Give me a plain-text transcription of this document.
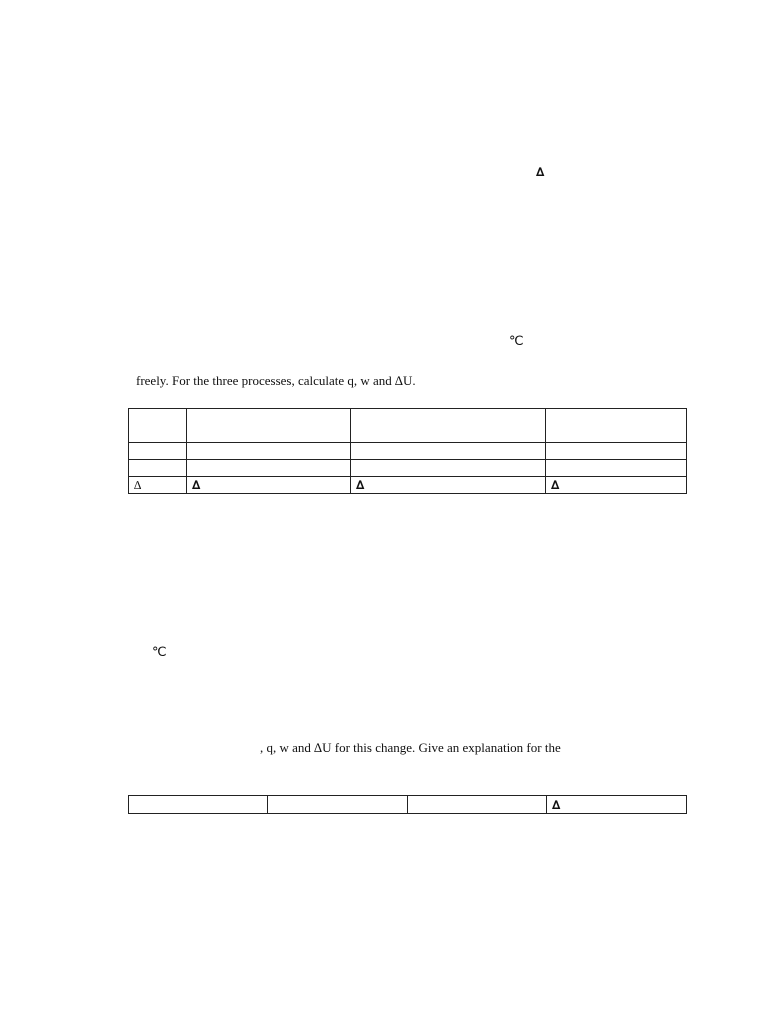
∆
℃
freely. For the three processes, calculate q, w and ∆U.

∆	∆	∆	∆
℃
, q, w and ∆U for this change. Give an explanation for the
			∆
